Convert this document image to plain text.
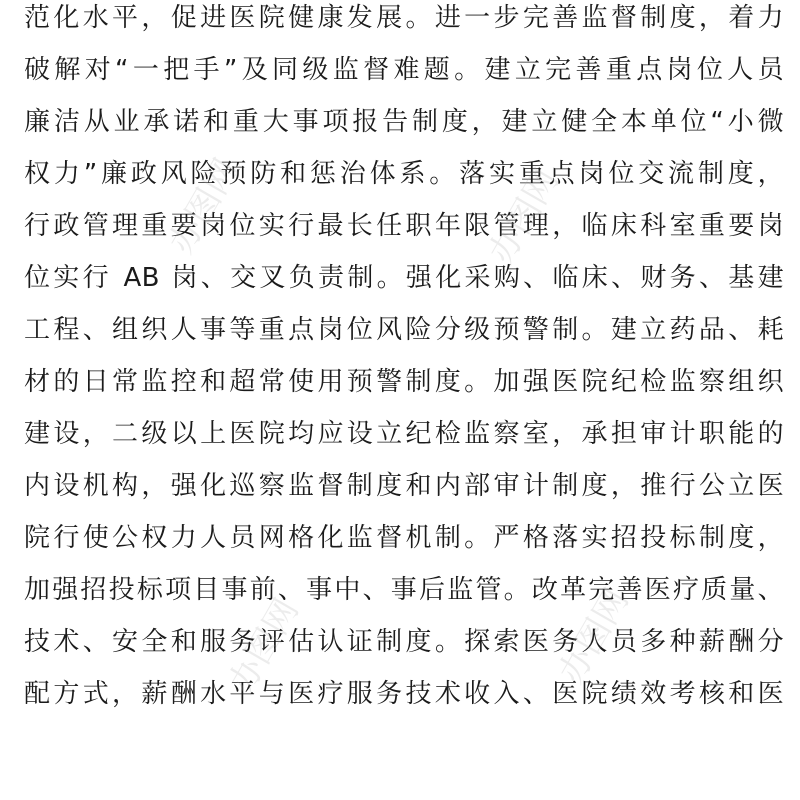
范化水平，促进医院健康发展。进一步完善监督制度，着力
破解对“一把手”及同级监督难题。建立完善重点岗位人员
廉洁从业承诺和重大事项报告制度，建立健全本单位“小微
权力”廉政风险预防和惩治体系。落实重点岗位交流制度，
行政管理重要岗位实行最长任职年限管理，临床科室重要岗
位实行 AB 岗、交叉负责制。强化采购、临床、财务、基建
工程、组织人事等重点岗位风险分级预警制。建立药品、耗
材的日常监控和超常使用预警制度。加强医院纪检监察组织
建设，二级以上医院均应设立纪检监察室，承担审计职能的
内设机构，强化巡察监督制度和内部审计制度，推行公立医
院行使公权力人员网格化监督机制。严格落实招投标制度，
加强招投标项目事前、事中、事后监管。改革完善医疗质量、
技术、安全和服务评估认证制度。探索医务人员多种薪酬分
配方式，薪酬水平与医疗服务技术收入、医院绩效考核和医
办图网	办图网
办图网	办图网
